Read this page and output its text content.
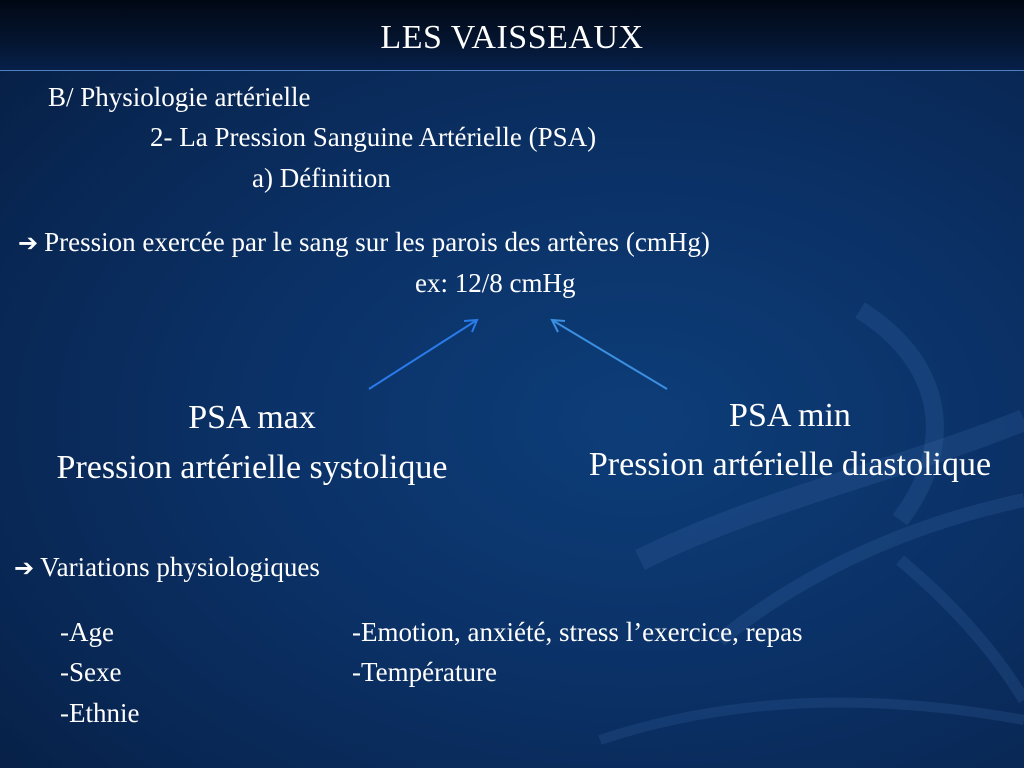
LES VAISSEAUX
B/ Physiologie artérielle
2- La Pression Sanguine Artérielle (PSA)
a) Définition
➔ Pression exercée par le sang sur les parois des artères (cmHg)
ex: 12/8 cmHg
PSA max
Pression artérielle systolique
PSA min
Pression artérielle diastolique
➔ Variations physiologiques
-Age
-Sexe
-Ethnie
-Emotion, anxiété, stress l’exercice, repas
-Température
